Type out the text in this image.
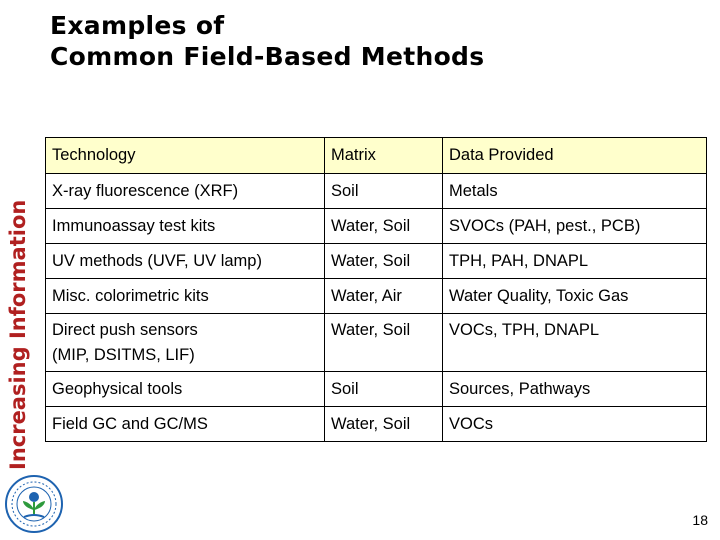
Examples of
Common Field-Based Methods
Increasing Information
Technology	Matrix	Data Provided
X-ray fluorescence (XRF)	Soil	Metals
Immunoassay test kits	Water, Soil	SVOCs (PAH, pest., PCB)
UV methods (UVF, UV lamp)	Water, Soil	TPH, PAH, DNAPL
Misc. colorimetric kits	Water, Air	Water Quality, Toxic Gas
Direct push sensors
(MIP, DSITMS, LIF)	Water, Soil	VOCs, TPH, DNAPL
Geophysical tools	Soil	Sources, Pathways
Field GC and GC/MS	Water, Soil	VOCs
18
